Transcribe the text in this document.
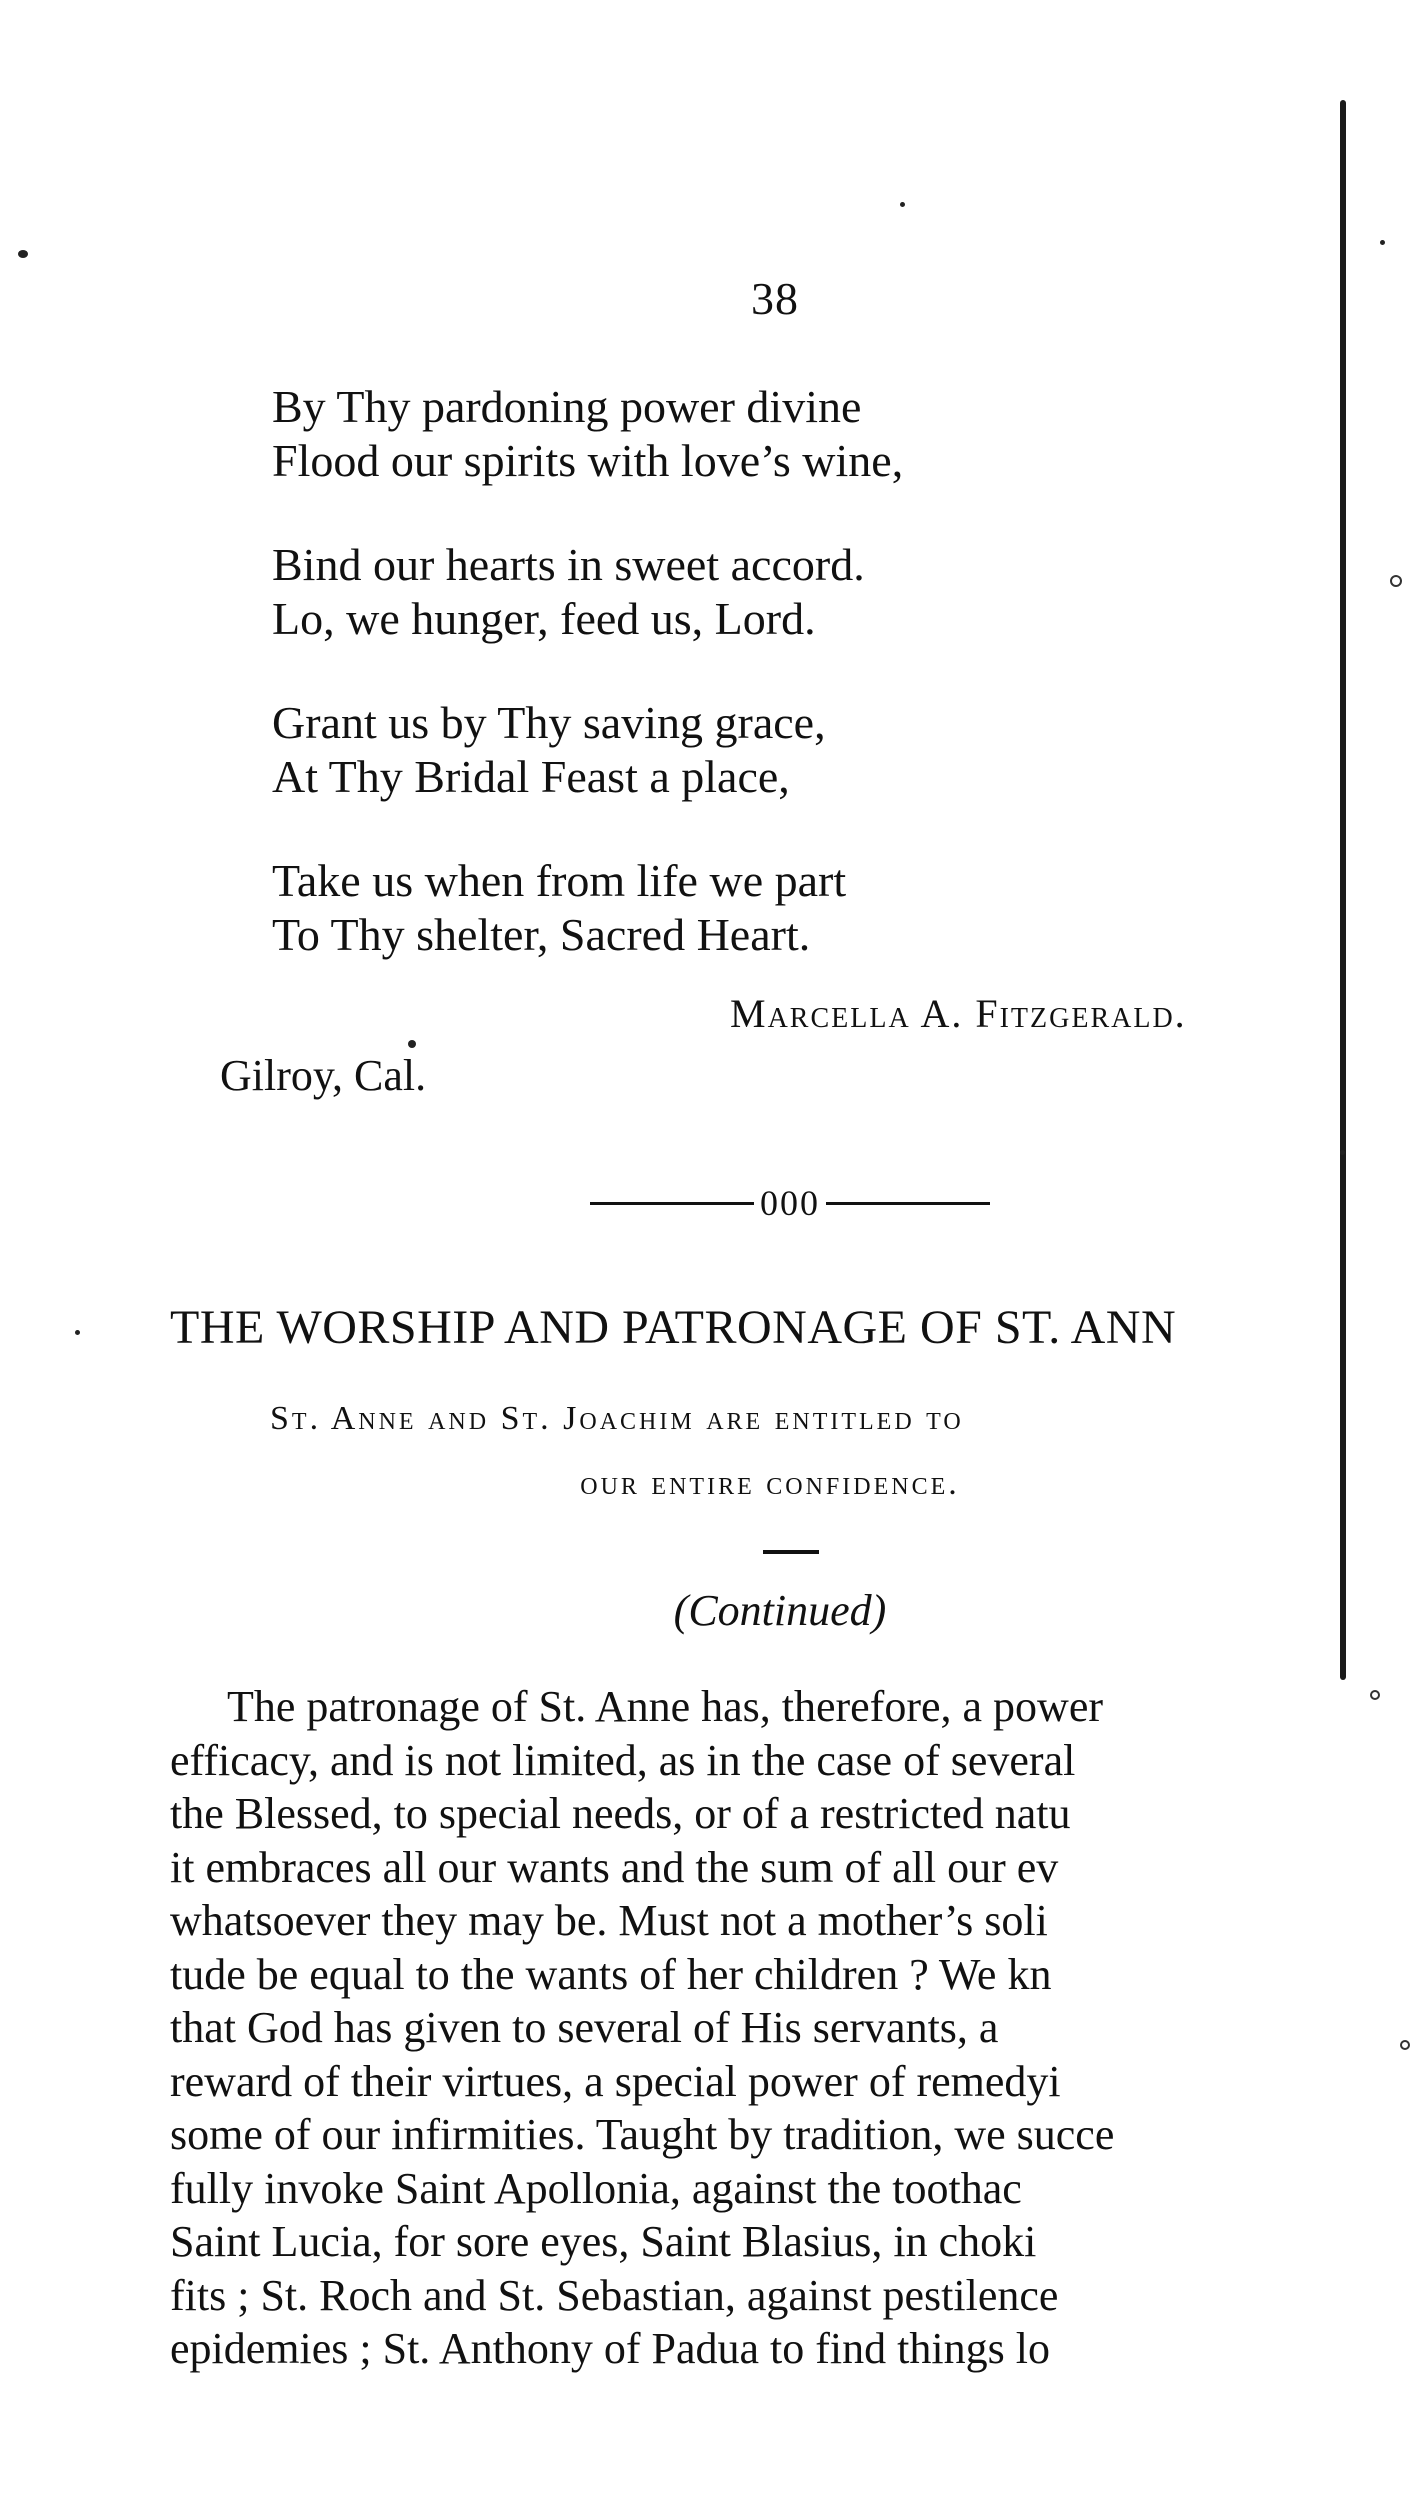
38
By Thy pardoning power divine
Flood our spirits with love’s wine,
Bind our hearts in sweet accord.
Lo, we hunger, feed us, Lord.
Grant us by Thy saving grace,
At Thy Bridal Feast a place,
Take us when from life we part
To Thy shelter, Sacred Heart.
Marcella A. Fitzgerald.
Gilroy, Cal.
000
THE WORSHIP AND PATRONAGE OF ST. ANN
St. Anne and St. Joachim are entitled to
our entire confidence.
(Continued)
The patronage of St. Anne has, therefore, a power
efficacy, and is not limited, as in the case of several
the Blessed, to special needs, or of a restricted natu
it embraces all our wants and the sum of all our ev
whatsoever they may be. Must not a mother’s soli
tude be equal to the wants of her children ? We kn
that God has given to several of His servants, a
reward of their virtues, a special power of remedyi
some of our infirmities. Taught by tradition, we succe
fully invoke Saint Apollonia, against the toothac
Saint Lucia, for sore eyes, Saint Blasius, in choki
fits ; St. Roch and St. Sebastian, against pestilence
epidemies ; St. Anthony of Padua to find things lo
